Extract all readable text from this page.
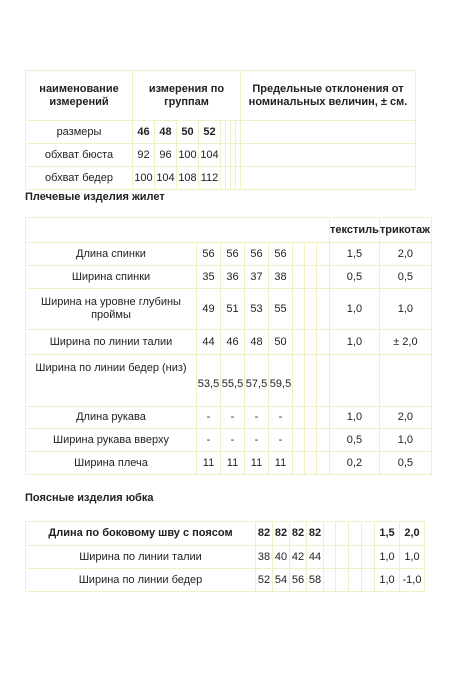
наименование измерений	измерения по группам								Предельные отклонения от номинальных величин, ± см.
размеры	46	48	50	52					
обхват бюста	92	96	100	104					
обхват бедер	100	104	108	112					
Плечевые изделия жилет
								текстиль	трикотаж
Длина спинки	56	56	56	56				1,5	2,0
Ширина спинки	35	36	37	38				0,5	0,5
Ширина на уровне глубины проймы	49	51	53	55				1,0	1,0
Ширина по линии талии	44	46	48	50				1,0	± 2,0
Ширина по линии бедер (низ)	53,5	55,5	57,5	59,5					
Длина рукава	-	-	-	-				1,0	2,0
Ширина рукава вверху	-	-	-	-				0,5	1,0
Ширина плеча	11	11	11	11				0,2	0,5
Поясные изделия юбка
Длина по боковому шву с поясом	82	82	82	82					1,5	2,0
Ширина по линии талии	38	40	42	44					1,0	1,0
Ширина по линии бедер	52	54	56	58					1,0	-1,0
